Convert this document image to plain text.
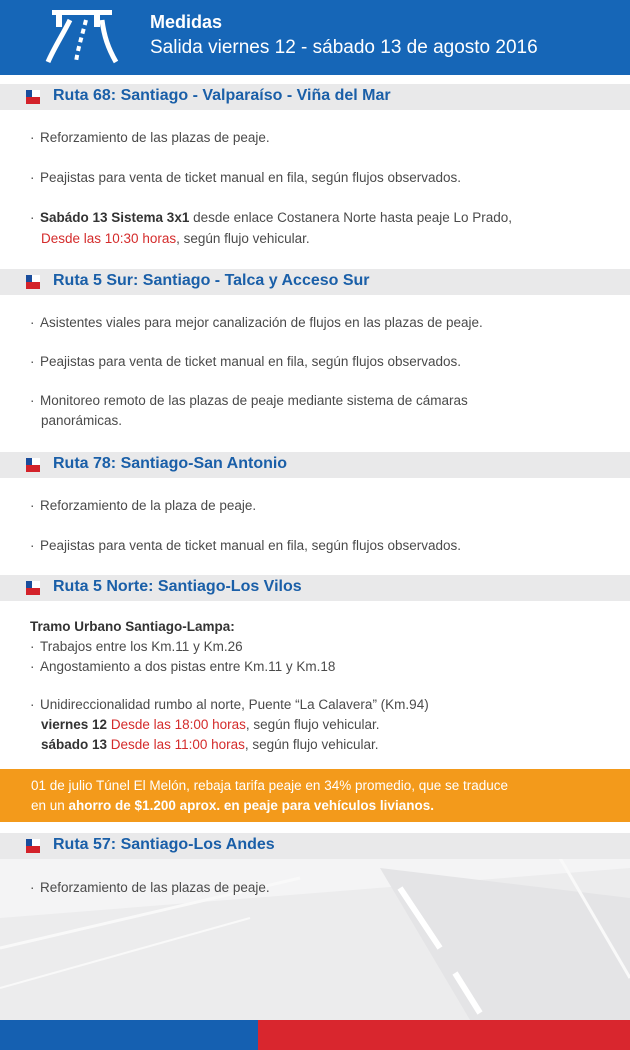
Medidas
Salida viernes 12 - sábado 13 de agosto 2016
Ruta 68: Santiago - Valparaíso - Viña del Mar
· Reforzamiento de las plazas de peaje.
· Peajistas para venta de ticket manual en fila, según flujos observados.
· Sabádo 13 Sistema 3x1 desde enlace Costanera Norte hasta peaje Lo Prado,
Desde las 10:30 horas, según flujo vehicular.
Ruta 5 Sur: Santiago - Talca y Acceso Sur
· Asistentes viales para mejor canalización de flujos en las plazas de peaje.
· Peajistas para venta de ticket manual en fila, según flujos observados.
· Monitoreo remoto de las plazas de peaje mediante sistema de cámaras
panorámicas.
Ruta 78: Santiago-San Antonio
· Reforzamiento de la plaza de peaje.
· Peajistas para venta de ticket manual en fila, según flujos observados.
Ruta 5 Norte: Santiago-Los Vilos
Tramo Urbano Santiago-Lampa:
· Trabajos entre los Km.11 y Km.26
· Angostamiento a dos pistas entre Km.11 y Km.18
· Unidireccionalidad rumbo al norte, Puente “La Calavera” (Km.94)
viernes 12 Desde las 18:00 horas, según flujo vehicular.
sábado 13 Desde las 11:00 horas, según flujo vehicular.
01 de julio Túnel El Melón, rebaja tarifa peaje en 34% promedio, que se traduce
en un ahorro de $1.200 aprox. en peaje para vehículos livianos.
Ruta 57: Santiago-Los Andes
· Reforzamiento de las plazas de peaje.
